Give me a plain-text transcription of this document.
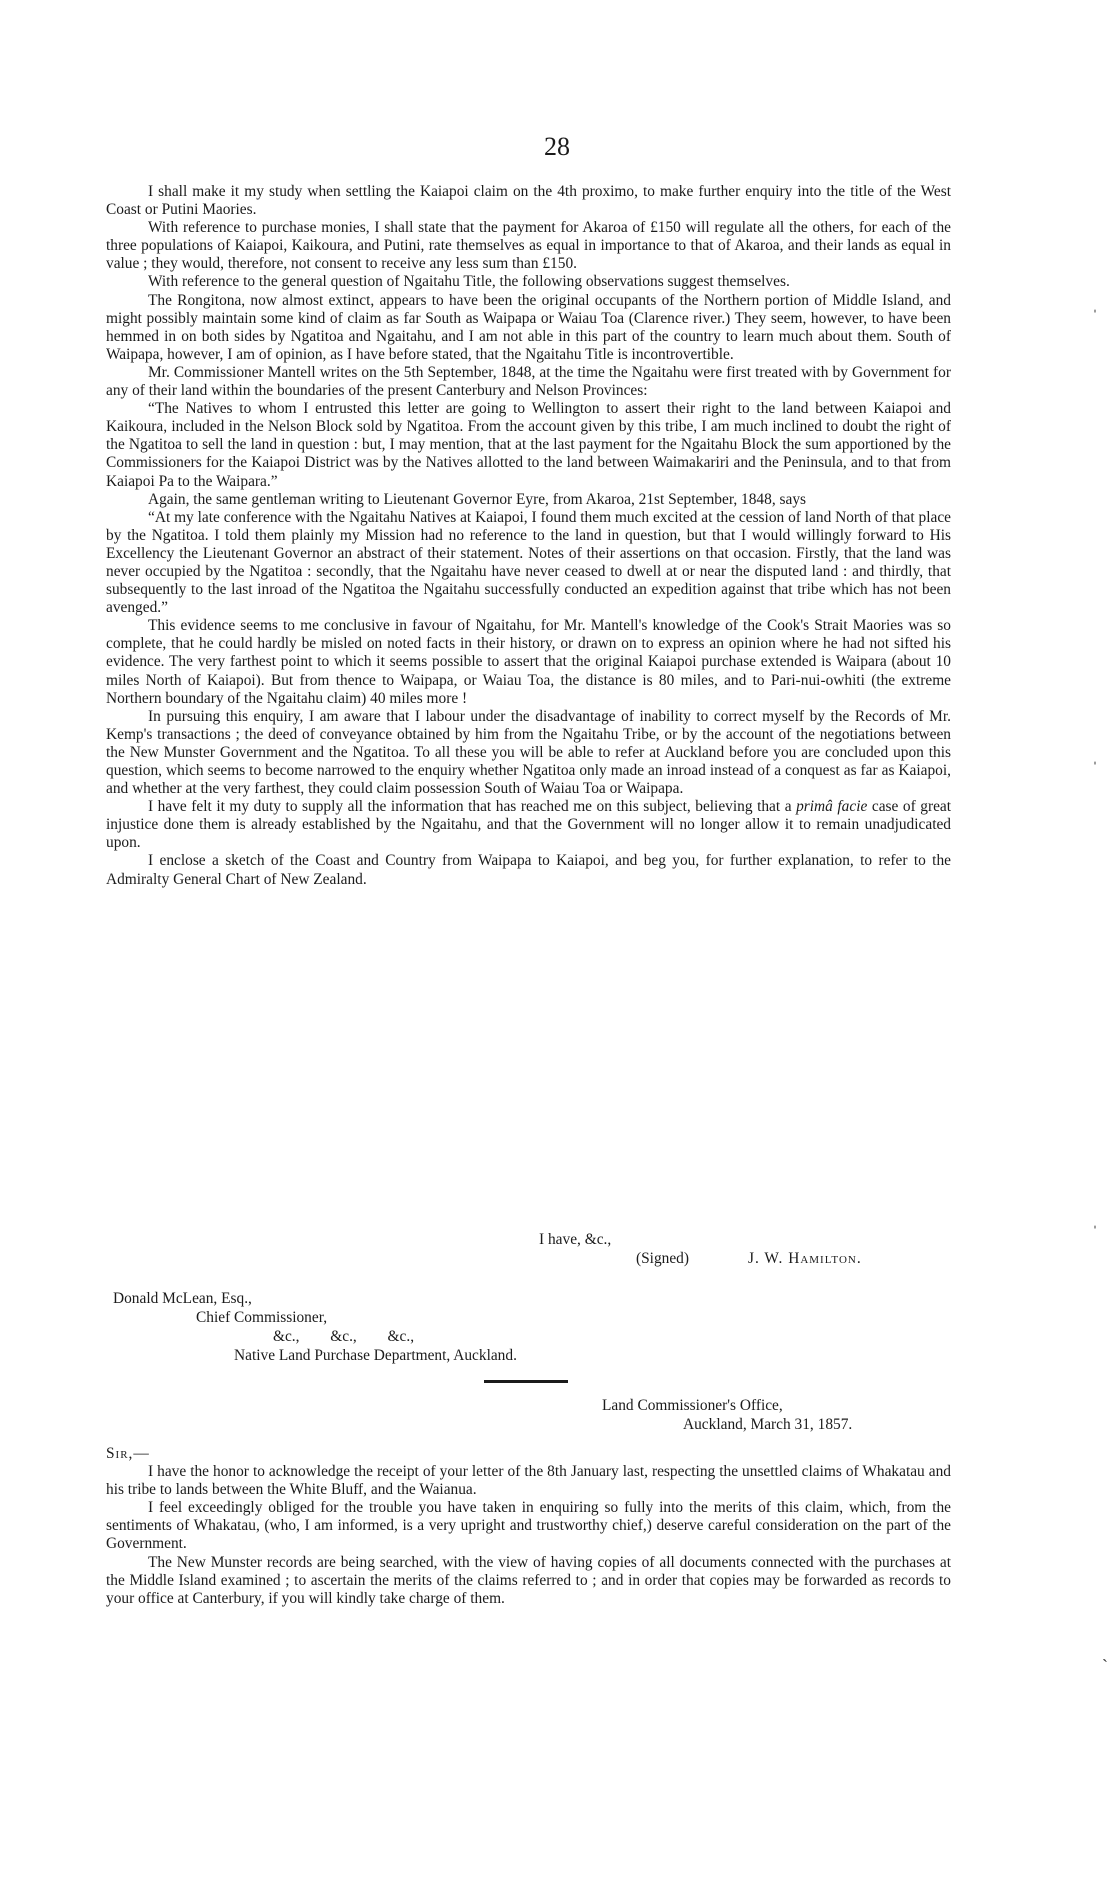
28

I shall make it my study when settling the Kaiapoi claim on the 4th proximo, to make further enquiry into the title of the West Coast or Putini Maories.

With reference to purchase monies, I shall state that the payment for Akaroa of £150 will regulate all the others, for each of the three populations of Kaiapoi, Kaikoura, and Putini, rate themselves as equal in importance to that of Akaroa, and their lands as equal in value ; they would, therefore, not consent to receive any less sum than £150.

With reference to the general question of Ngaitahu Title, the following observations suggest themselves.

The Rongitona, now almost extinct, appears to have been the original occupants of the Northern portion of Middle Island, and might possibly maintain some kind of claim as far South as Waipapa or Waiau Toa (Clarence river.) They seem, however, to have been hemmed in on both sides by Ngatitoa and Ngaitahu, and I am not able in this part of the country to learn much about them. South of Waipapa, however, I am of opinion, as I have before stated, that the Ngaitahu Title is incontrovertible.

Mr. Commissioner Mantell writes on the 5th September, 1848, at the time the Ngaitahu were first treated with by Government for any of their land within the boundaries of the present Canterbury and Nelson Provinces:

“The Natives to whom I entrusted this letter are going to Wellington to assert their right to the land between Kaiapoi and Kaikoura, included in the Nelson Block sold by Ngatitoa. From the account given by this tribe, I am much inclined to doubt the right of the Ngatitoa to sell the land in question : but, I may mention, that at the last payment for the Ngaitahu Block the sum apportioned by the Commissioners for the Kaiapoi District was by the Natives allotted to the land between Waimakariri and the Peninsula, and to that from Kaiapoi Pa to the Waipara.”

Again, the same gentleman writing to Lieutenant Governor Eyre, from Akaroa, 21st September, 1848, says

“At my late conference with the Ngaitahu Natives at Kaiapoi, I found them much excited at the cession of land North of that place by the Ngatitoa. I told them plainly my Mission had no reference to the land in question, but that I would willingly forward to His Excellency the Lieutenant Governor an abstract of their statement. Notes of their assertions on that occasion. Firstly, that the land was never occupied by the Ngatitoa : secondly, that the Ngaitahu have never ceased to dwell at or near the disputed land : and thirdly, that subsequently to the last inroad of the Ngatitoa the Ngaitahu successfully conducted an expedition against that tribe which has not been avenged.”

This evidence seems to me conclusive in favour of Ngaitahu, for Mr. Mantell's knowledge of the Cook's Strait Maories was so complete, that he could hardly be misled on noted facts in their history, or drawn on to express an opinion where he had not sifted his evidence. The very farthest point to which it seems possible to assert that the original Kaiapoi purchase extended is Waipara (about 10 miles North of Kaiapoi). But from thence to Waipapa, or Waiau Toa, the distance is 80 miles, and to Pari-nui-owhiti (the extreme Northern boundary of the Ngaitahu claim) 40 miles more !

In pursuing this enquiry, I am aware that I labour under the disadvantage of inability to correct myself by the Records of Mr. Kemp's transactions ; the deed of conveyance obtained by him from the Ngaitahu Tribe, or by the account of the negotiations between the New Munster Government and the Ngatitoa. To all these you will be able to refer at Auckland before you are concluded upon this question, which seems to become narrowed to the enquiry whether Ngatitoa only made an inroad instead of a conquest as far as Kaiapoi, and whether at the very farthest, they could claim possession South of Waiau Toa or Waipapa.

I have felt it my duty to supply all the information that has reached me on this subject, believing that a primâ facie case of great injustice done them is already established by the Ngaitahu, and that the Government will no longer allow it to remain unadjudicated upon.

I enclose a sketch of the Coast and Country from Waipapa to Kaiapoi, and beg you, for further explanation, to refer to the Admiralty General Chart of New Zealand.

I have, &c.,
(Signed)	J. W. Hamilton.
Donald McLean, Esq.,
Chief Commissioner,
&c.,        &c.,        &c.,
Native Land Purchase Department, Auckland.
Land Commissioner's Office,
Auckland, March 31, 1857.

Sir,—

I have the honor to acknowledge the receipt of your letter of the 8th January last, respecting the unsettled claims of Whakatau and his tribe to lands between the White Bluff, and the Waianua.

I feel exceedingly obliged for the trouble you have taken in enquiring so fully into the merits of this claim, which, from the sentiments of Whakatau, (who, I am informed, is a very upright and trustworthy chief,) deserve careful consideration on the part of the Government.

The New Munster records are being searched, with the view of having copies of all documents connected with the purchases at the Middle Island examined ; to ascertain the merits of the claims referred to ; and in order that copies may be forwarded as records to your office at Canterbury, if you will kindly take charge of them.

ˈ
ˈ
ˈ
ˋ
